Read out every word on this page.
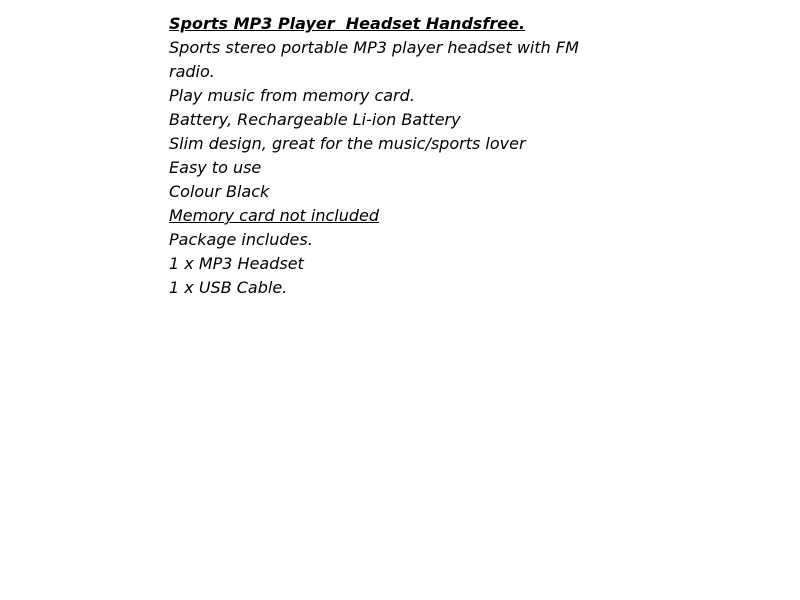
Sports MP3 Player  Headset Handsfree.
Sports stereo portable MP3 player headset with FM
radio.
Play music from memory card.
Battery, Rechargeable Li-ion Battery
Slim design, great for the music/sports lover
Easy to use
Colour Black
Memory card not included
Package includes.
1 x MP3 Headset
1 x USB Cable.
